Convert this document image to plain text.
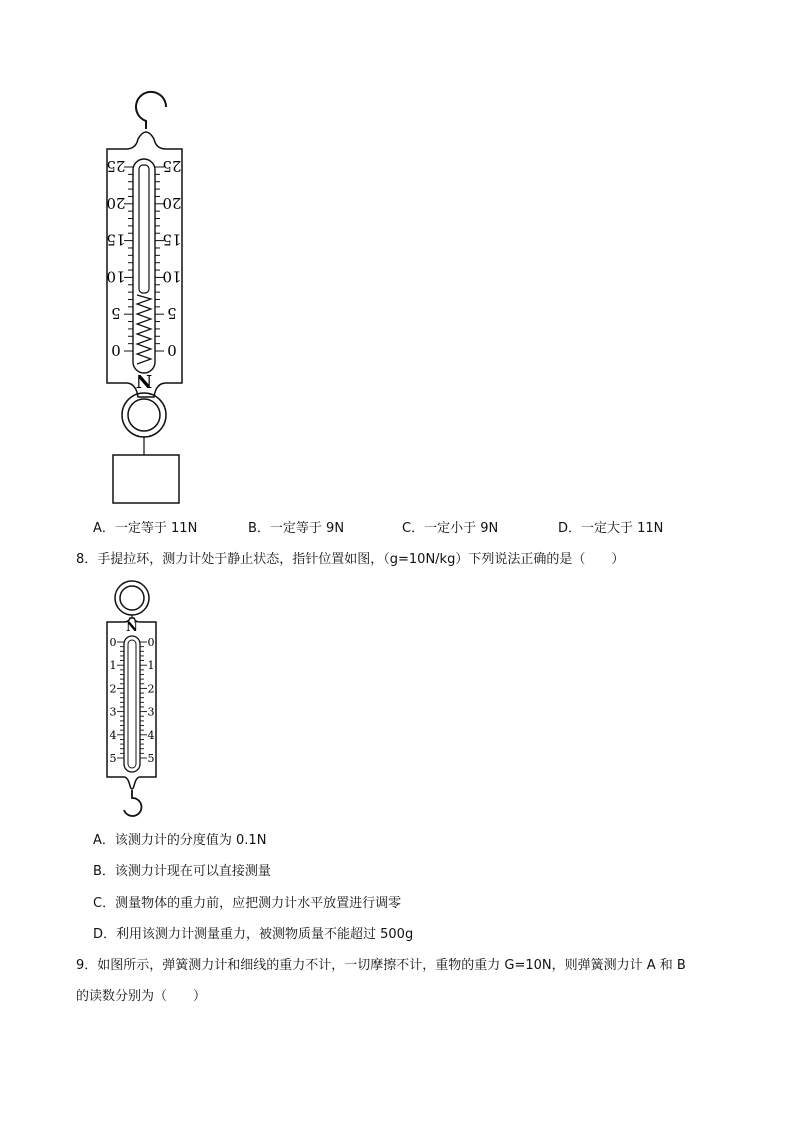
25
20
15
10
5
0
25
20
15
10
5
0
N
A．一定等于 11N	B．一定等于 9N	C．一定小于 9N	D．一定大于 11N
8．手提拉环，测力计处于静止状态，指针位置如图，（g=10N/kg）下列说法正确的是（　　）
N
0
1
2
3
4
5
0
1
2
3
4
5
A．该测力计的分度值为 0.1N
B．该测力计现在可以直接测量
C．测量物体的重力前，应把测力计水平放置进行调零
D．利用该测力计测量重力，被测物质量不能超过 500g
9．如图所示，弹簧测力计和细线的重力不计，一切摩擦不计，重物的重力 G=10N，则弹簧测力计 A 和 B
的读数分别为（　　）
